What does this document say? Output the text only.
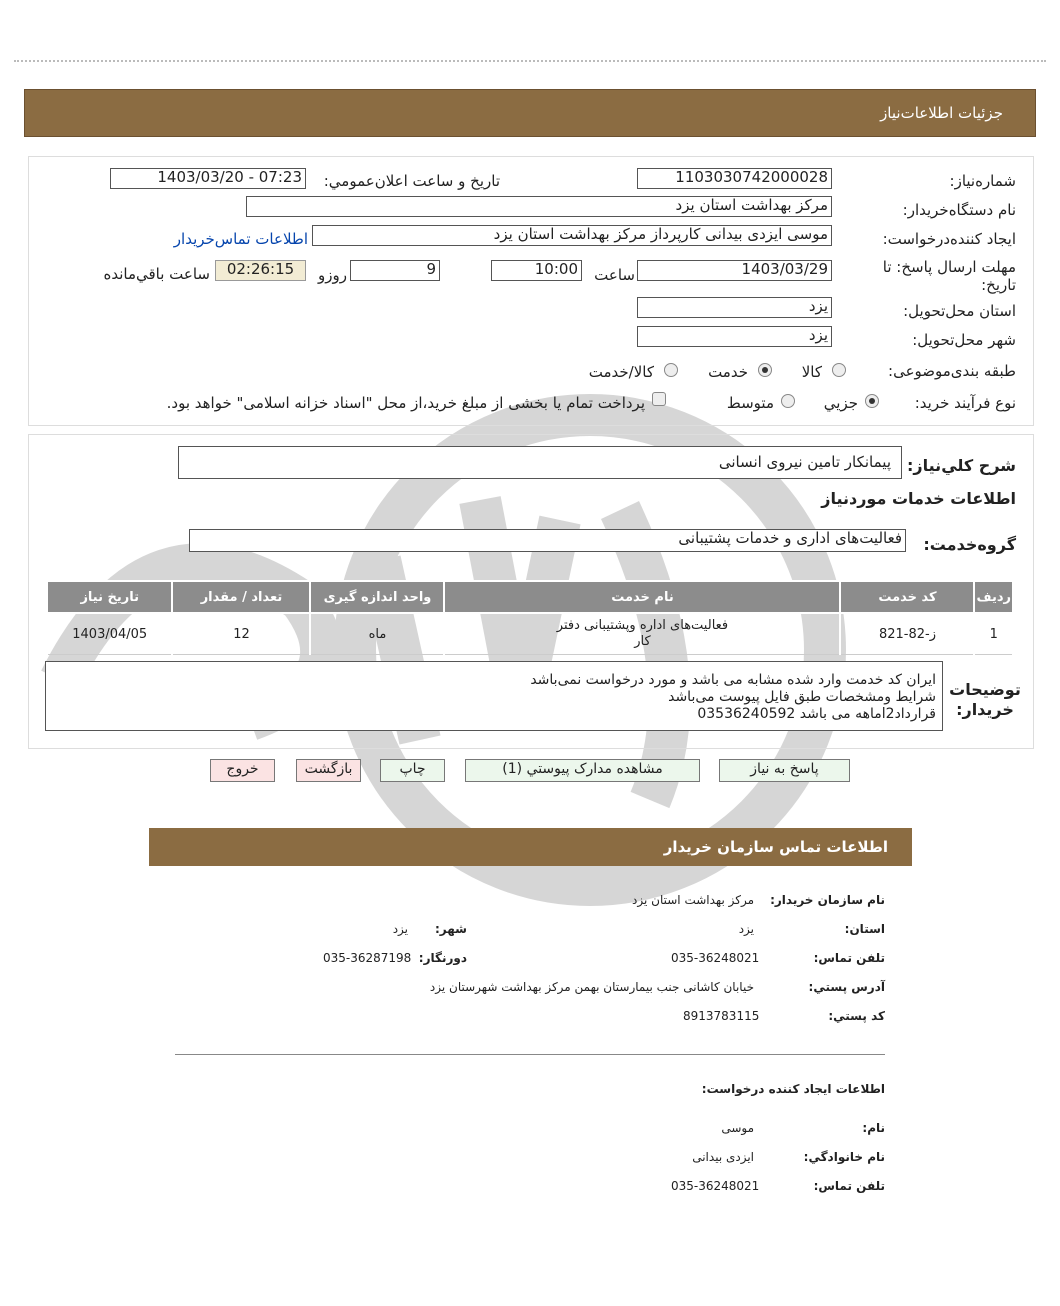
جزئيات اطلاعات‌نياز
شماره‌نياز:
1103030742000028
تاريخ و ساعت اعلان‌عمومي:
1403/03/20 - 07:23
نام دستگاه‌خريدار:
مرکز بهداشت استان یزد
ايجاد کننده‌درخواست:
موسی ایزدی بیدانی کارپرداز مرکز بهداشت استان یزد
اطلاعات تماس‌خريدار
مهلت ارسال پاسخ: تا تاريخ:
1403/03/29
ساعت
10:00
9
روزو
02:26:15
ساعت باقي‌مانده
استان محل‌تحويل:
یزد
شهر محل‌تحويل:
یزد
طبقه بندی‌موضوعی:
کالا
خدمت
کالا/خدمت
نوع فرآيند خريد:
جزيي
متوسط
پرداخت تمام يا بخشی از مبلغ خريد،از محل "اسناد خزانه اسلامی" خواهد بود.
شرح کلي‌نياز:
پیمانکار تامین نیروی انسانی
اطلاعات خدمات موردنياز
گروه‌خدمت:
فعالیت‌های اداری و خدمات پشتیبانی
رديف	کد خدمت	نام خدمت	واحد اندازه گيری	تعداد / مقدار	تاريخ نياز
1	ز-82-821	فعالیت‌های اداره و‌پشتیبانی دفتر
کار	ماه	12	1403/04/05
توضيحات خريدار:
ایران کد خدمت وارد شده مشابه می باشد و مورد درخواست نمی‌باشد
شرایط ومشخصات طبق فایل پیوست می‌باشد
قراردادl2ماهه می باشد 03536240592
پاسخ به نياز
مشاهده مدارک پيوستي (1)
چاپ
بازگشت
خروج
اطلاعات تماس سازمان خريدار
نام سازمان خريدار:
مرکز بهداشت استان یزد
استان:
یزد
شهر:
یزد
تلفن تماس:
035-36248021
دورنگار:
035-36287198
آدرس پستي:
خیابان کاشانی جنب بیمارستان بهمن مرکز بهداشت شهرستان یزد
کد پستي:
8913783115
اطلاعات ايجاد کننده درخواست:
نام:
موسی
نام خانوادگي:
ایزدی بیدانی
تلفن تماس:
035-36248021
